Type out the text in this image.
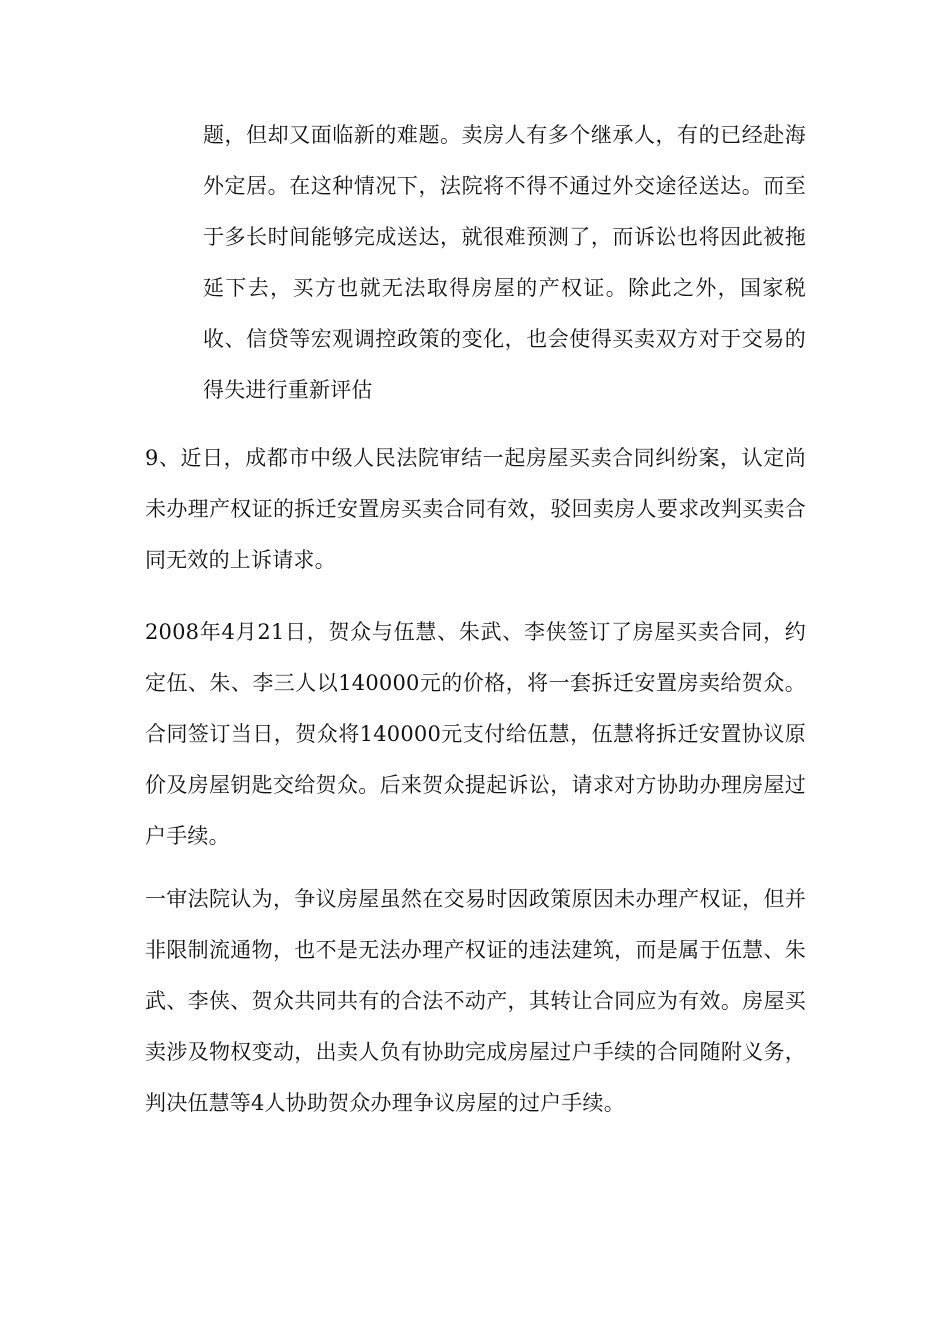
题，但却又面临新的难题。卖房人有多个继承人，有的已经赴海外定居。在这种情况下，法院将不得不通过外交途径送达。而至于多长时间能够完成送达，就很难预测了，而诉讼也将因此被拖延下去，买方也就无法取得房屋的产权证。除此之外，国家税收、信贷等宏观调控政策的变化，也会使得买卖双方对于交易的得失进行重新评估

9、近日，成都市中级人民法院审结一起房屋买卖合同纠纷案，认定尚未办理产权证的拆迁安置房买卖合同有效，驳回卖房人要求改判买卖合同无效的上诉请求。

2008年4月21日，贺众与伍慧、朱武、李侠签订了房屋买卖合同，约定伍、朱、李三人以140000元的价格，将一套拆迁安置房卖给贺众。合同签订当日，贺众将140000元支付给伍慧，伍慧将拆迁安置协议原价及房屋钥匙交给贺众。后来贺众提起诉讼，请求对方协助办理房屋过户手续。

一审法院认为，争议房屋虽然在交易时因政策原因未办理产权证，但并非限制流通物，也不是无法办理产权证的违法建筑，而是属于伍慧、朱武、李侠、贺众共同共有的合法不动产，其转让合同应为有效。房屋买卖涉及物权变动，出卖人负有协助完成房屋过户手续的合同随附义务，判决伍慧等4人协助贺众办理争议房屋的过户手续。
